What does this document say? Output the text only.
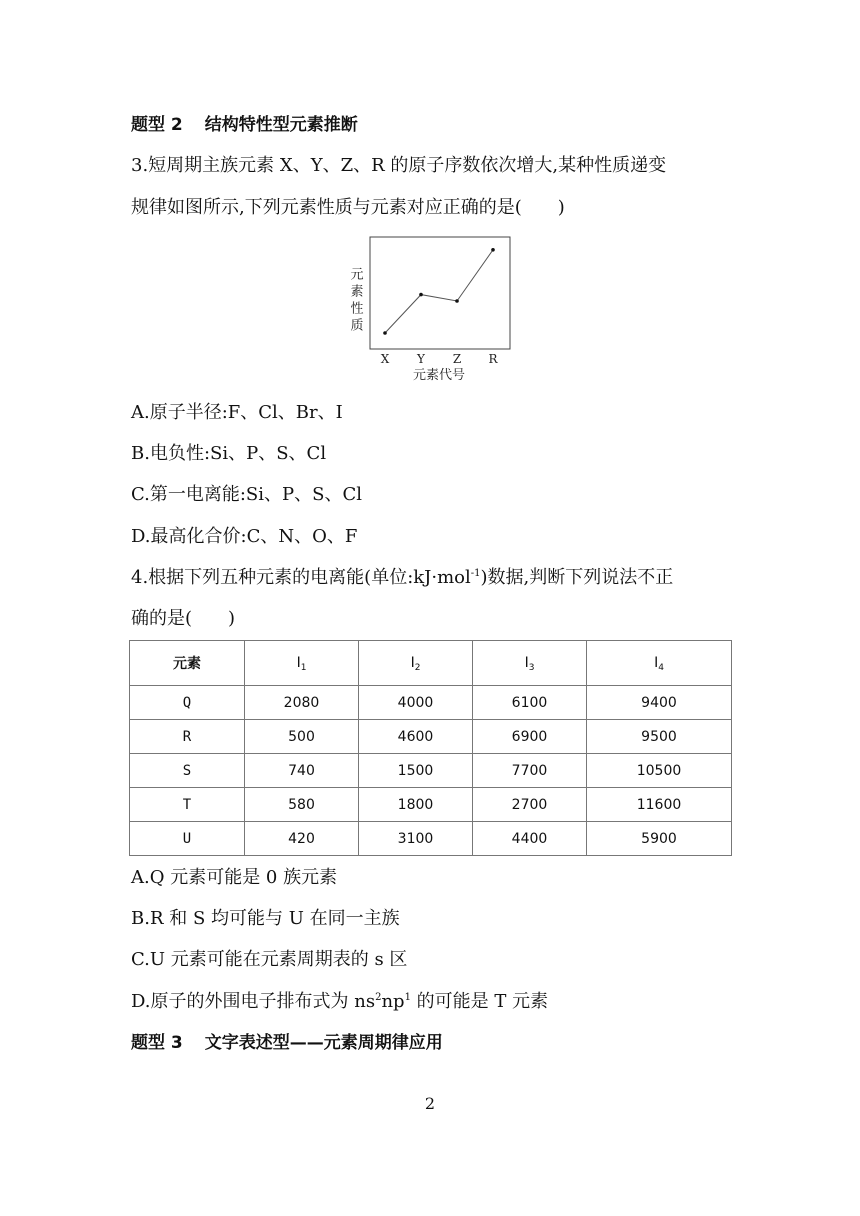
题型 2 结构特性型元素推断
3.短周期主族元素 X、Y、Z、R 的原子序数依次增大,某种性质递变
规律如图所示,下列元素性质与元素对应正确的是(　　)
元素性质
X Y Z R
元素代号
A.原子半径:F、Cl、Br、I
B.电负性:Si、P、S、Cl
C.第一电离能:Si、P、S、Cl
D.最高化合价:C、N、O、F
4.根据下列五种元素的电离能(单位:kJ·mol$^{-1}$)数据,判断下列说法不正
确的是(　　)
元素	$I_1$	$I_2$	$I_3$	$I_4$
Q	2080	4000	6100	9400
R	500	4600	6900	9500
S	740	1500	7700	10500
T	580	1800	2700	11600
U	420	3100	4400	5900
A.Q 元素可能是 0 族元素
B.R 和 S 均可能与 U 在同一主族
C.U 元素可能在元素周期表的 s 区
D.原子的外围电子排布式为 $ns^2np^1$ 的可能是 T 元素
题型 3 文字表述型——元素周期律应用
2
